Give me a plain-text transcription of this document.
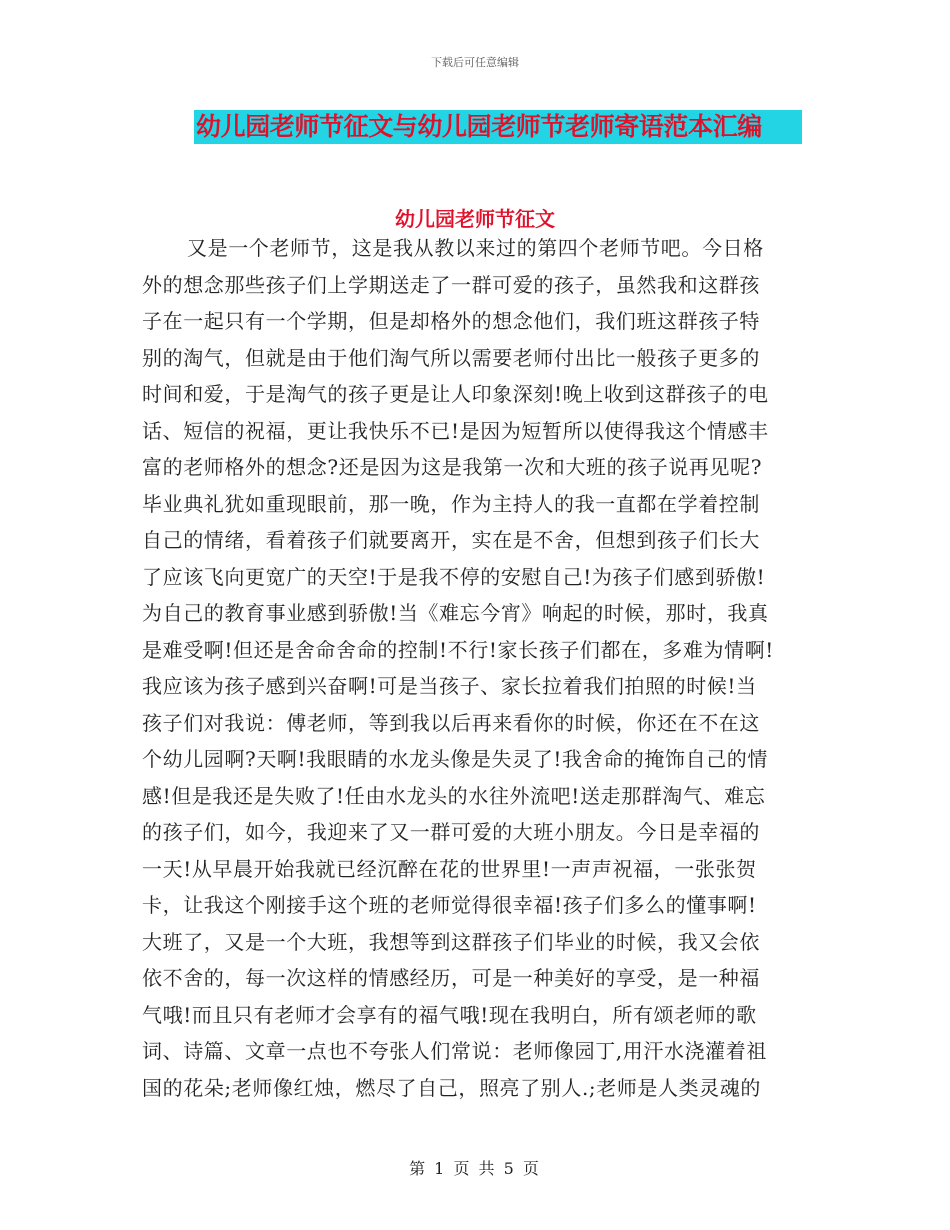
下载后可任意编辑
幼儿园老师节征文与幼儿园老师节老师寄语范本汇编
幼儿园老师节征文
又是一个老师节，这是我从教以来过的第四个老师节吧。今日格
外的想念那些孩子们上学期送走了一群可爱的孩子，虽然我和这群孩
子在一起只有一个学期，但是却格外的想念他们，我们班这群孩子特
别的淘气，但就是由于他们淘气所以需要老师付出比一般孩子更多的
时间和爱，于是淘气的孩子更是让人印象深刻!晚上收到这群孩子的电
话、短信的祝福，更让我快乐不已!是因为短暂所以使得我这个情感丰
富的老师格外的想念?还是因为这是我第一次和大班的孩子说再见呢?
毕业典礼犹如重现眼前，那一晚，作为主持人的我一直都在学着控制
自己的情绪，看着孩子们就要离开，实在是不舍，但想到孩子们长大
了应该飞向更宽广的天空!于是我不停的安慰自己!为孩子们感到骄傲!
为自己的教育事业感到骄傲!当《难忘今宵》响起的时候，那时，我真
是难受啊!但还是舍命舍命的控制!不行!家长孩子们都在，多难为情啊!
我应该为孩子感到兴奋啊!可是当孩子、家长拉着我们拍照的时候!当
孩子们对我说：傅老师，等到我以后再来看你的时候，你还在不在这
个幼儿园啊?天啊!我眼睛的水龙头像是失灵了!我舍命的掩饰自己的情
感!但是我还是失败了!任由水龙头的水往外流吧!送走那群淘气、难忘
的孩子们，如今，我迎来了又一群可爱的大班小朋友。今日是幸福的
一天!从早晨开始我就已经沉醉在花的世界里!一声声祝福，一张张贺
卡，让我这个刚接手这个班的老师觉得很幸福!孩子们多么的懂事啊!
大班了，又是一个大班，我想等到这群孩子们毕业的时候，我又会依
依不舍的，每一次这样的情感经历，可是一种美好的享受，是一种福
气哦!而且只有老师才会享有的福气哦!现在我明白，所有颂老师的歌
词、诗篇、文章一点也不夸张人们常说：老师像园丁,用汗水浇灌着祖
国的花朵;老师像红烛，燃尽了自己，照亮了别人.;老师是人类灵魂的
第 1 页 共 5 页
